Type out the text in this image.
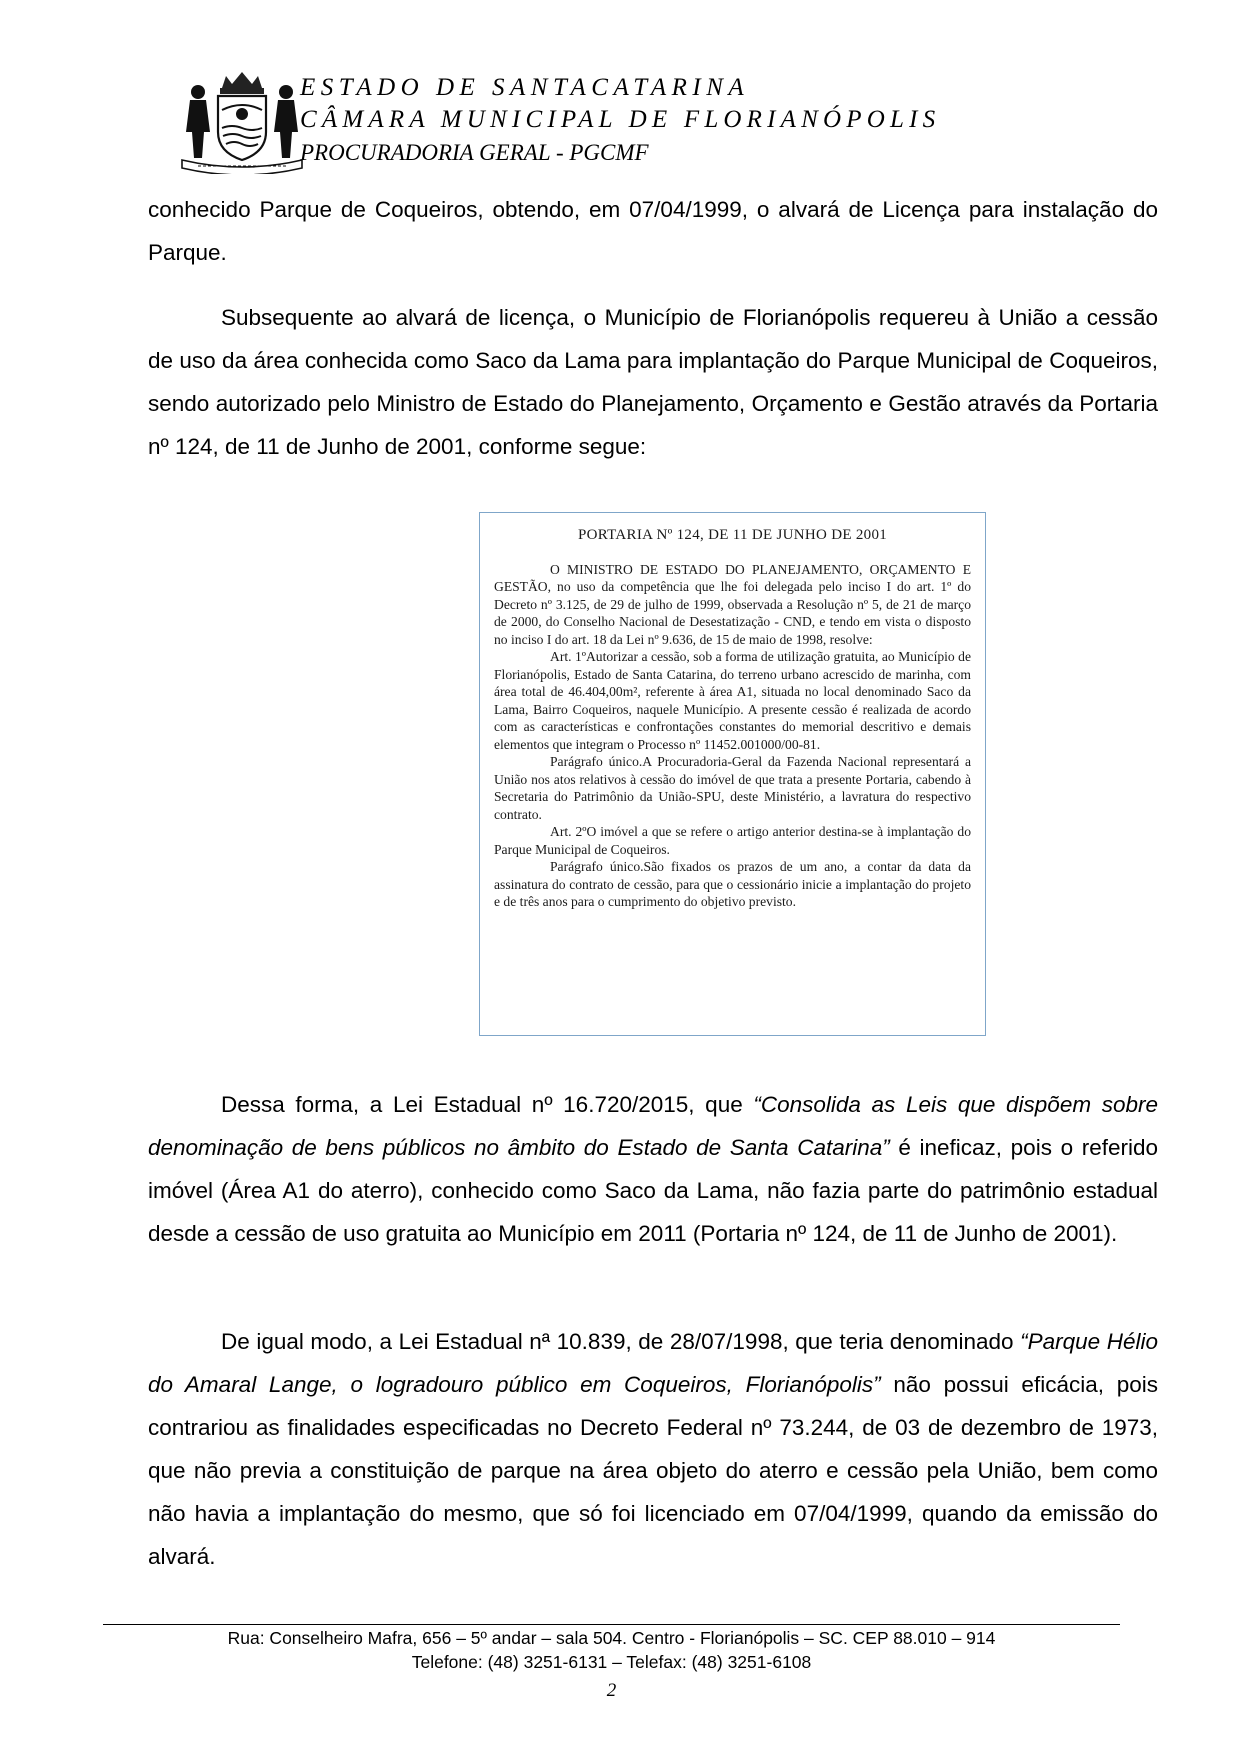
ESTADO DE SANTACATARINA
CÂMARA MUNICIPAL DE FLORIANÓPOLIS
PROCURADORIA GERAL - PGCMF

conhecido Parque de Coqueiros, obtendo, em 07/04/1999, o alvará de Licença para instalação do Parque.

Subsequente ao alvará de licença, o Município de Florianópolis requereu à União a cessão de uso da área conhecida como Saco da Lama para implantação do Parque Municipal de Coqueiros, sendo autorizado pelo Ministro de Estado do Planejamento, Orçamento e Gestão através da Portaria nº 124, de 11 de Junho de 2001, conforme segue:

PORTARIA Nº 124, DE 11 DE JUNHO DE 2001

O MINISTRO DE ESTADO DO PLANEJAMENTO, ORÇAMENTO E GESTÃO, no uso da competência que lhe foi delegada pelo inciso I do art. 1º do Decreto nº 3.125, de 29 de julho de 1999, observada a Resolução nº 5, de 21 de março de 2000, do Conselho Nacional de Desestatização - CND, e tendo em vista o disposto no inciso I do art. 18 da Lei nº 9.636, de 15 de maio de 1998, resolve:

Art. 1ºAutorizar a cessão, sob a forma de utilização gratuita, ao Município de Florianópolis, Estado de Santa Catarina, do terreno urbano acrescido de marinha, com área total de 46.404,00m², referente à área A1, situada no local denominado Saco da Lama, Bairro Coqueiros, naquele Município. A presente cessão é realizada de acordo com as características e confrontações constantes do memorial descritivo e demais elementos que integram o Processo nº 11452.001000/00-81.

Parágrafo único.A Procuradoria-Geral da Fazenda Nacional representará a União nos atos relativos à cessão do imóvel de que trata a presente Portaria, cabendo à Secretaria do Patrimônio da União-SPU, deste Ministério, a lavratura do respectivo contrato.

Art. 2ºO imóvel a que se refere o artigo anterior destina-se à implantação do Parque Municipal de Coqueiros.

Parágrafo único.São fixados os prazos de um ano, a contar da data da assinatura do contrato de cessão, para que o cessionário inicie a implantação do projeto e de três anos para o cumprimento do objetivo previsto.

Dessa forma, a Lei Estadual nº 16.720/2015, que “Consolida as Leis que dispõem sobre denominação de bens públicos no âmbito do Estado de Santa Catarina” é ineficaz, pois o referido imóvel (Área A1 do aterro), conhecido como Saco da Lama, não fazia parte do patrimônio estadual desde a cessão de uso gratuita ao Município em 2011 (Portaria nº 124, de 11 de Junho de 2001).

De igual modo, a Lei Estadual nª 10.839, de 28/07/1998, que teria denominado “Parque Hélio do Amaral Lange, o logradouro público em Coqueiros, Florianópolis” não possui eficácia, pois contrariou as finalidades especificadas no Decreto Federal nº 73.244, de 03 de dezembro de 1973, que não previa a constituição de parque na área objeto do aterro e cessão pela União, bem como não havia a implantação do mesmo, que só foi licenciado em 07/04/1999, quando da emissão do alvará.

Rua: Conselheiro Mafra, 656 – 5º andar – sala 504. Centro - Florianópolis – SC. CEP 88.010 – 914
Telefone: (48) 3251-6131 – Telefax: (48) 3251-6108
2
